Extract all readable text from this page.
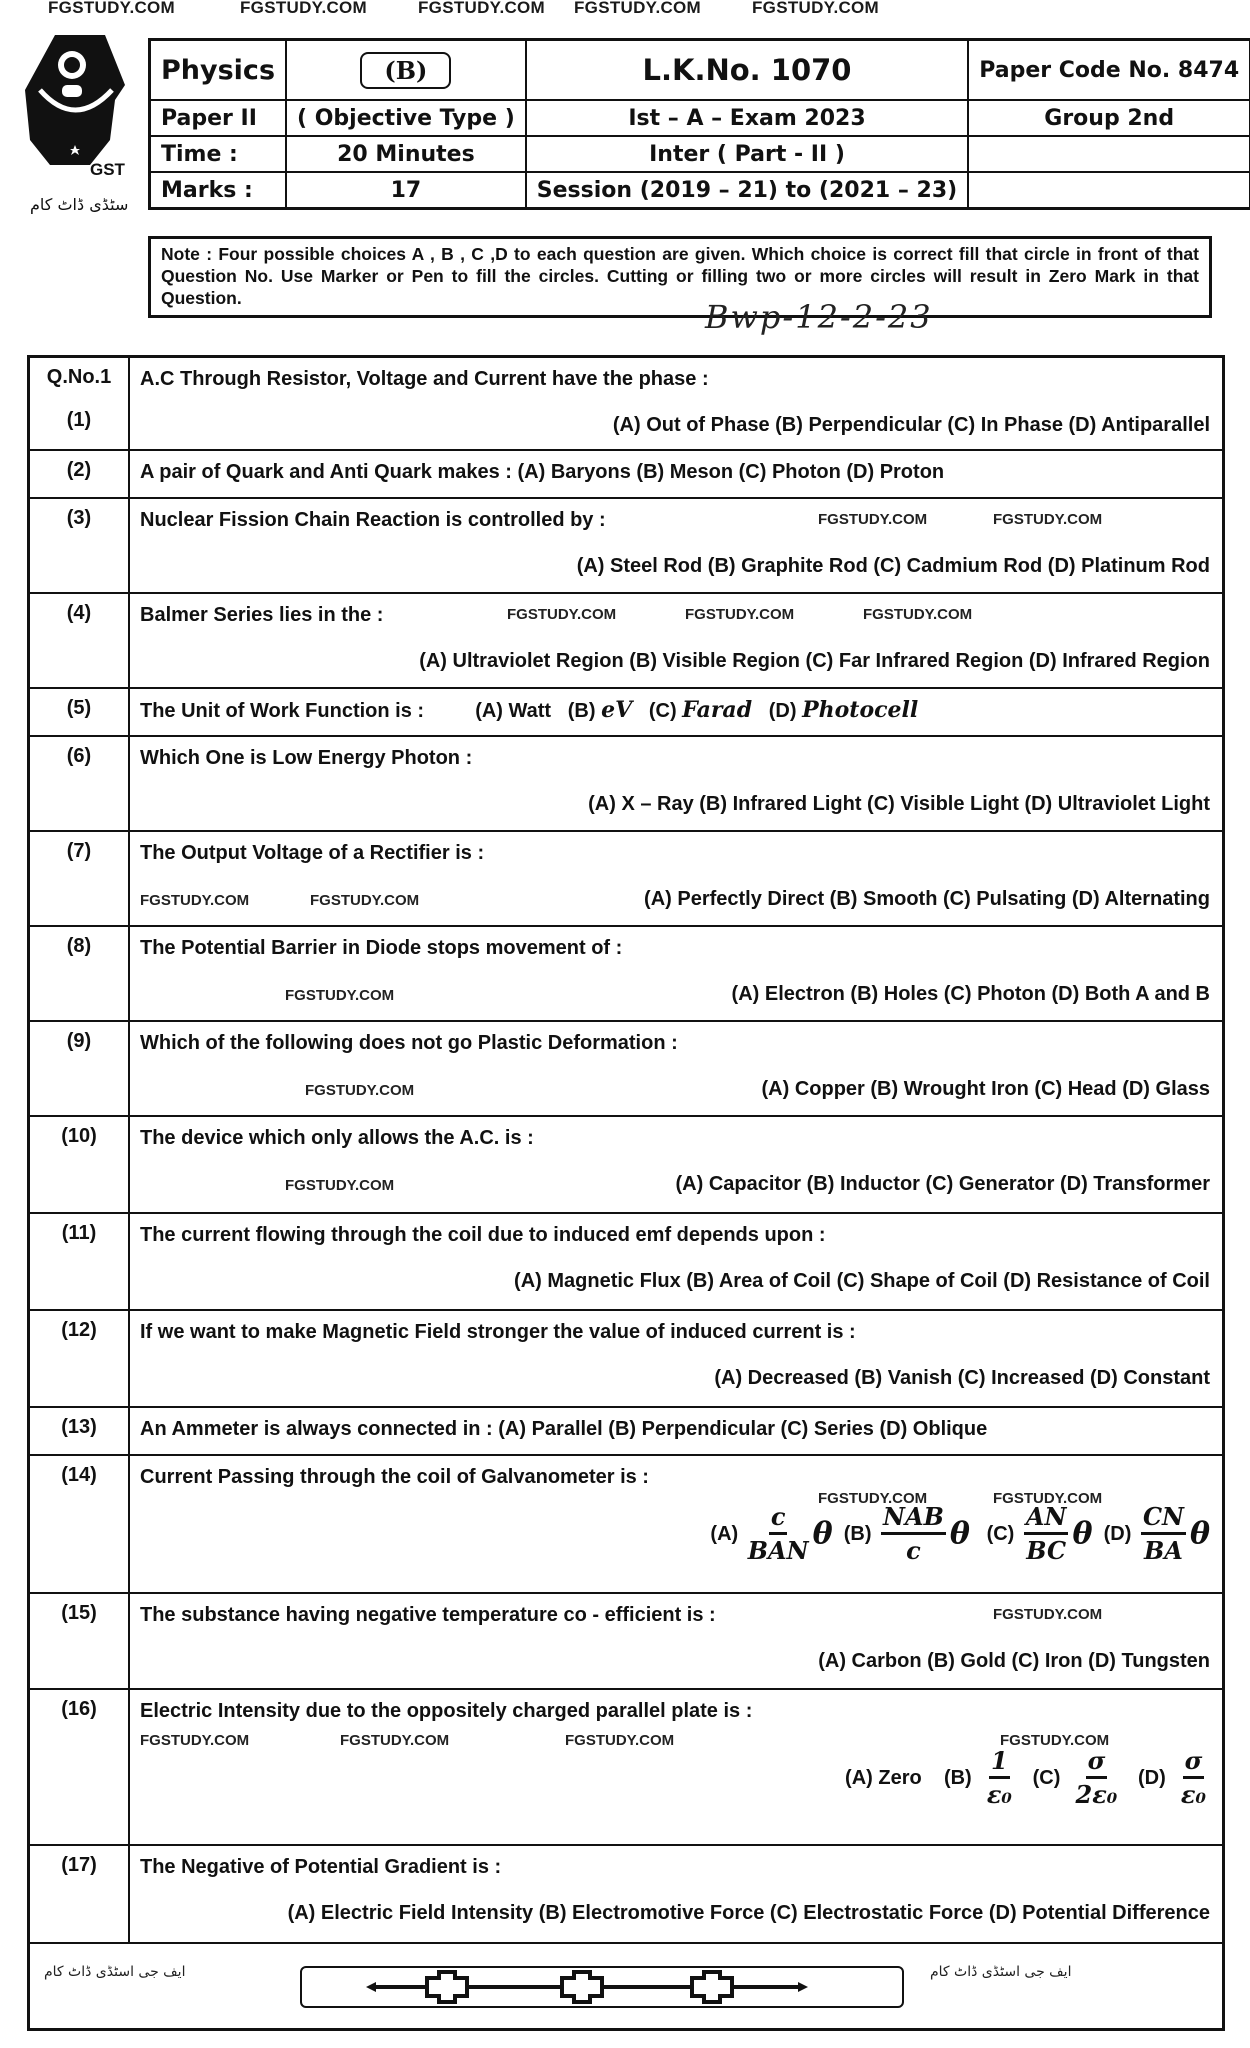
FGSTUDY.COM	FGSTUDY.COM	FGSTUDY.COM FGSTUDY.COM	FGSTUDY.COM
GST
سٹڈی ڈاٹ کام
Physics	(B)	L.K.No. 1070	Paper Code No. 8474
Paper II	( Objective Type )	Ist – A – Exam 2023	Group 2nd
Time :	20 Minutes	Inter ( Part - II )	
Marks :	17	Session (2019 – 21) to (2021 – 23)	
Note : Four possible choices A , B , C ,D to each question are given. Which choice is correct fill that circle in front of that Question No. Use Marker or Pen to fill the circles. Cutting or filling two or more circles will result in Zero Mark in that Question.	Bwp-12-2-23
Q.No.1
(1)

A.C Through Resistor, Voltage and Current have the phase :
(A) Out of Phase (B) Perpendicular (C) In Phase (D) Antiparallel

(2)	A pair of Quark and Anti Quark makes : (A) Baryons (B) Meson (C) Photon (D) Proton

(3)	FGSTUDY.COM FGSTUDY.COM
Nuclear Fission Chain Reaction is controlled by :
(A) Steel Rod (B) Graphite Rod (C) Cadmium Rod (D) Platinum Rod

(4)	FGSTUDY.COM FGSTUDY.COM FGSTUDY.COM
Balmer Series lies in the :
(A) Ultraviolet Region (B) Visible Region (C) Far Infrared Region (D) Infrared Region

(5)	The Unit of Work Function is : (A) Watt (B) eV (C) Farad (D) Photocell

(6)	Which One is Low Energy Photon :
(A) X – Ray (B) Infrared Light (C) Visible Light (D) Ultraviolet Light

(7)	FGSTUDY.COM FGSTUDY.COM
The Output Voltage of a Rectifier is :
(A) Perfectly Direct (B) Smooth (C) Pulsating (D) Alternating

(8)	FGSTUDY.COM
The Potential Barrier in Diode stops movement of :
(A) Electron (B) Holes (C) Photon (D) Both A and B

(9)	FGSTUDY.COM
Which of the following does not go Plastic Deformation :
(A) Copper (B) Wrought Iron (C) Head (D) Glass

(10)	FGSTUDY.COM
The device which only allows the A.C. is :
(A) Capacitor (B) Inductor (C) Generator (D) Transformer

(11)	The current flowing through the coil due to induced emf depends upon :
(A) Magnetic Flux (B) Area of Coil (C) Shape of Coil (D) Resistance of Coil

(12)	If we want to make Magnetic Field stronger the value of induced current is :
(A) Decreased (B) Vanish (C) Increased (D) Constant

(13)	An Ammeter is always connected in : (A) Parallel (B) Perpendicular (C) Series (D) Oblique

(14)

FGSTUDY.COM	FGSTUDY.COM
Current Passing through the coil of Galvanometer is :
$(A) \frac{c}{\text{BAN}}$ θ $(B) \frac{\text{NAB}}{c}$ θ $(C) \frac{AN}{BC}$ θ $(D) \frac{CN}{BA}$ θ

(15)	FGSTUDY.COM
The substance having negative temperature co - efficient is :
(A) Carbon (B) Gold (C) Iron (D) Tungsten

(16)

FGSTUDY.COM	FGSTUDY.COM	FGSTUDY.COM	FGSTUDY.COM
Electric Intensity due to the oppositely charged parallel plate is :
(A) Zero $(B) \frac{1}{\text{ε₀}} (C) \frac{\sigma}{\text{2ε₀}} (D) \frac{\sigma}{\text{ε₀}}$

(17)	The Negative of Potential Gradient is :
(A) Electric Field Intensity (B) Electromotive Force (C) Electrostatic Force (D) Potential Difference

ایف جی اسٹڈی ڈاٹ کام ایف جی اسٹڈی ڈاٹ کام	
